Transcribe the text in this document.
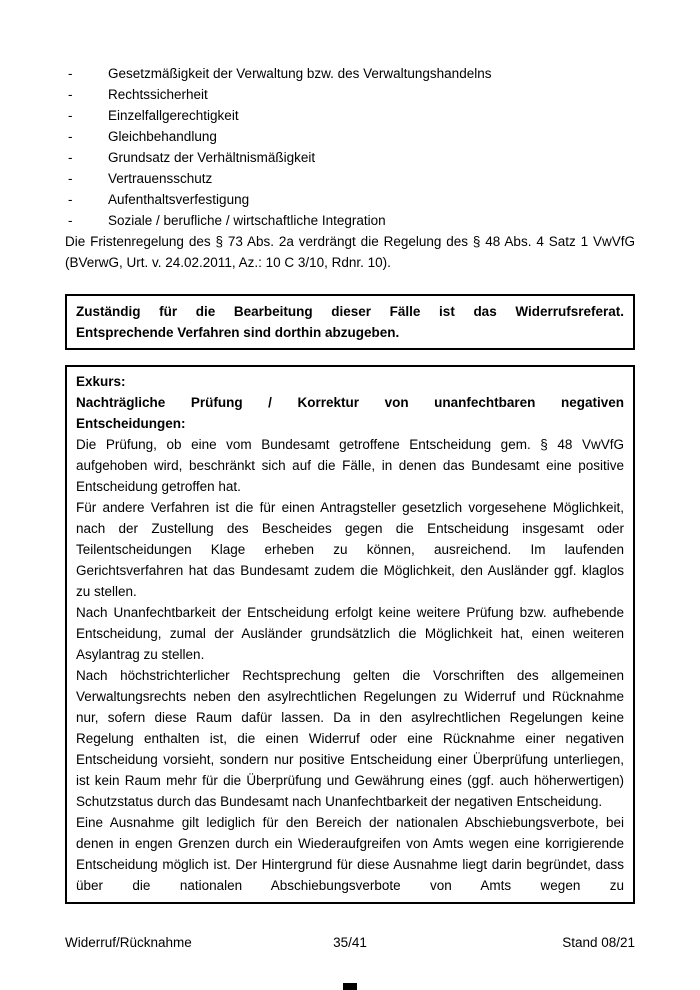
-	Gesetzmäßigkeit der Verwaltung bzw. des Verwaltungshandelns
-	Rechtssicherheit
-	Einzelfallgerechtigkeit
-	Gleichbehandlung
-	Grundsatz der Verhältnismäßigkeit
-	Vertrauensschutz
-	Aufenthaltsverfestigung
-	Soziale / berufliche / wirtschaftliche Integration

Die Fristenregelung des § 73 Abs. 2a verdrängt die Regelung des § 48 Abs. 4 Satz 1 VwVfG (BVerwG, Urt. v. 24.02.2011, Az.: 10 C 3/10, Rdnr. 10).

Zuständig für die Bearbeitung dieser Fälle ist das Widerrufsreferat.

Entsprechende Verfahren sind dorthin abzugeben.

Exkurs:

Nachträgliche Prüfung / Korrektur von unanfechtbaren negativen

Entscheidungen:

Die Prüfung, ob eine vom Bundesamt getroffene Entscheidung gem. § 48 VwVfG aufgehoben wird, beschränkt sich auf die Fälle, in denen das Bundesamt eine positive Entscheidung getroffen hat.

Für andere Verfahren ist die für einen Antragsteller gesetzlich vorgesehene Möglichkeit, nach der Zustellung des Bescheides gegen die Entscheidung insgesamt oder Teilentscheidungen Klage erheben zu können, ausreichend. Im laufenden Gerichtsverfahren hat das Bundesamt zudem die Möglichkeit, den Ausländer ggf. klaglos zu stellen.

Nach Unanfechtbarkeit der Entscheidung erfolgt keine weitere Prüfung bzw. aufhebende Entscheidung, zumal der Ausländer grundsätzlich die Möglichkeit hat, einen weiteren Asylantrag zu stellen.

Nach höchstrichterlicher Rechtsprechung gelten die Vorschriften des allgemeinen Verwaltungsrechts neben den asylrechtlichen Regelungen zu Widerruf und Rücknahme nur, sofern diese Raum dafür lassen. Da in den asylrechtlichen Regelungen keine Regelung enthalten ist, die einen Widerruf oder eine Rücknahme einer negativen Entscheidung vorsieht, sondern nur positive Entscheidung einer Überprüfung unterliegen, ist kein Raum mehr für die Überprüfung und Gewährung eines (ggf. auch höherwertigen) Schutzstatus durch das Bundesamt nach Unanfechtbarkeit der negativen Entscheidung.

Eine Ausnahme gilt lediglich für den Bereich der nationalen Abschiebungsverbote, bei denen in engen Grenzen durch ein Wiederaufgreifen von Amts wegen eine korrigierende Entscheidung möglich ist. Der Hintergrund für diese Ausnahme liegt darin begründet, dass über die nationalen Abschiebungsverbote von Amts wegen zu

Widerruf/Rücknahme	35/41	Stand 08/21
